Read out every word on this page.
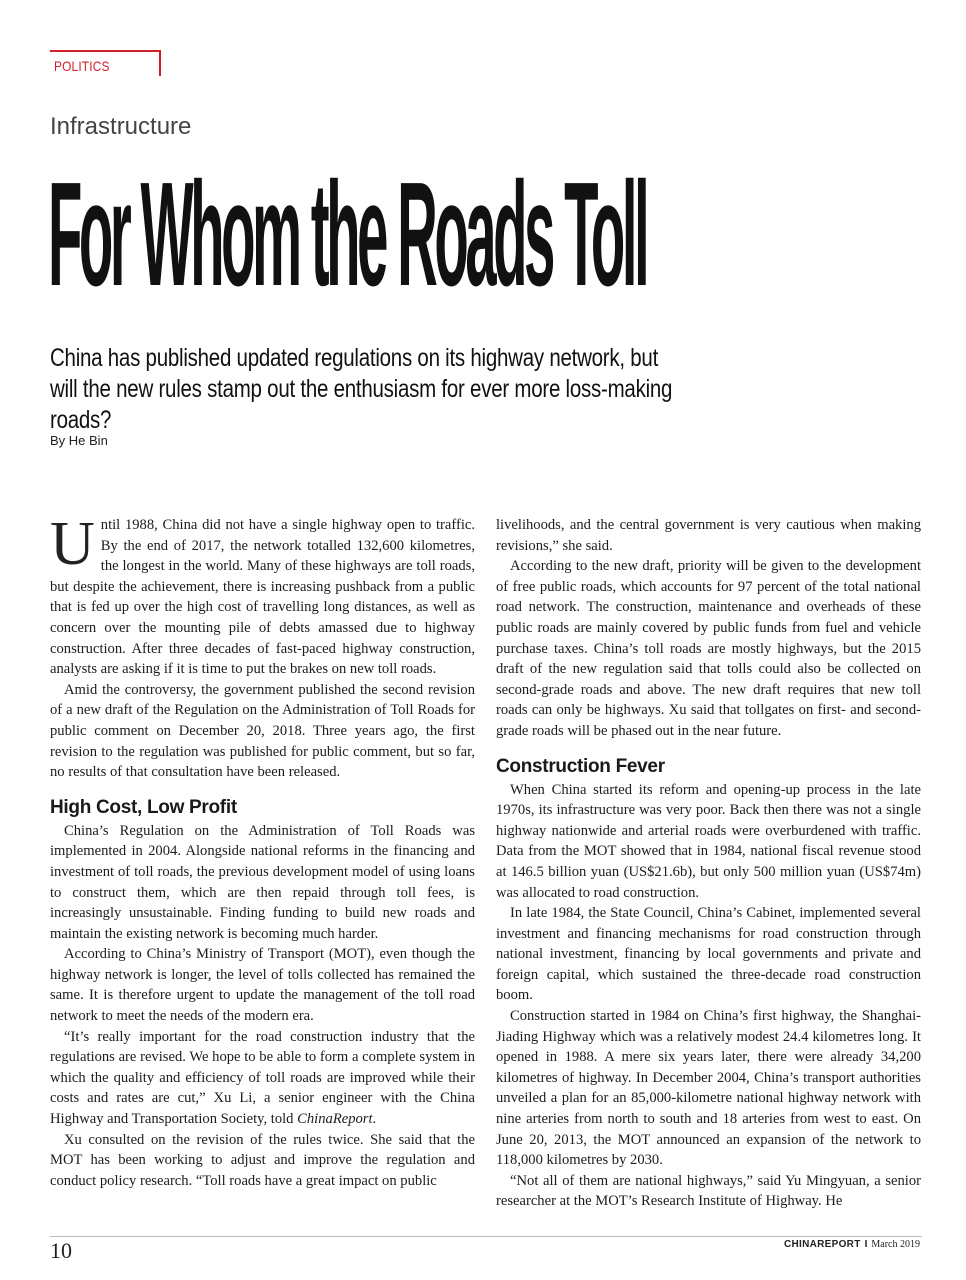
POLITICS
Infrastructure
For Whom the Roads Toll
China has published updated regulations on its highway network, but will the new rules stamp out the enthusiasm for ever more loss-making roads?
By He Bin

Until 1988, China did not have a single highway open to traffic. By the end of 2017, the network totalled 132,600 kilometres, the longest in the world. Many of these highways are toll roads, but despite the achievement, there is increasing pushback from a public that is fed up over the high cost of travelling long distances, as well as concern over the mounting pile of debts amassed due to highway construction. After three decades of fast-paced highway construction, analysts are asking if it is time to put the brakes on new toll roads.

Amid the controversy, the government published the second revision of a new draft of the Regulation on the Administration of Toll Roads for public comment on December 20, 2018. Three years ago, the first revision to the regulation was published for public comment, but so far, no results of that consultation have been released.

High Cost, Low Profit

China’s Regulation on the Administration of Toll Roads was implemented in 2004. Alongside national reforms in the financing and investment of toll roads, the previous development model of using loans to construct them, which are then repaid through toll fees, is increasingly unsustainable. Finding funding to build new roads and maintain the existing network is becoming much harder.

According to China’s Ministry of Transport (MOT), even though the highway network is longer, the level of tolls collected has remained the same. It is therefore urgent to update the management of the toll road network to meet the needs of the modern era.

“It’s really important for the road construction industry that the regulations are revised. We hope to be able to form a complete system in which the quality and efficiency of toll roads are improved while their costs and rates are cut,” Xu Li, a senior engineer with the China Highway and Transportation Society, told ChinaReport.

Xu consulted on the revision of the rules twice. She said that the MOT has been working to adjust and improve the regulation and conduct policy research. “Toll roads have a great impact on public

livelihoods, and the central government is very cautious when making revisions,” she said.

According to the new draft, priority will be given to the development of free public roads, which accounts for 97 percent of the total national road network. The construction, maintenance and overheads of these public roads are mainly covered by public funds from fuel and vehicle purchase taxes. China’s toll roads are mostly highways, but the 2015 draft of the new regulation said that tolls could also be collected on second-grade roads and above. The new draft requires that new toll roads can only be highways. Xu said that tollgates on first- and second-grade roads will be phased out in the near future.

Construction Fever

When China started its reform and opening-up process in the late 1970s, its infrastructure was very poor. Back then there was not a single highway nationwide and arterial roads were overburdened with traffic. Data from the MOT showed that in 1984, national fiscal revenue stood at 146.5 billion yuan (US$21.6b), but only 500 million yuan (US$74m) was allocated to road construction.

In late 1984, the State Council, China’s Cabinet, implemented several investment and financing mechanisms for road construction through national investment, financing by local governments and private and foreign capital, which sustained the three-decade road construction boom.

Construction started in 1984 on China’s first highway, the Shanghai-Jiading Highway which was a relatively modest 24.4 kilometres long. It opened in 1988. A mere six years later, there were already 34,200 kilometres of highway. In December 2004, China’s transport authorities unveiled a plan for an 85,000-kilometre national highway network with nine arteries from north to south and 18 arteries from west to east. On June 20, 2013, the MOT announced an expansion of the network to 118,000 kilometres by 2030.

“Not all of them are national highways,” said Yu Mingyuan, a senior researcher at the MOT’s Research Institute of Highway. He

10	CHINAREPORT I March 2019
